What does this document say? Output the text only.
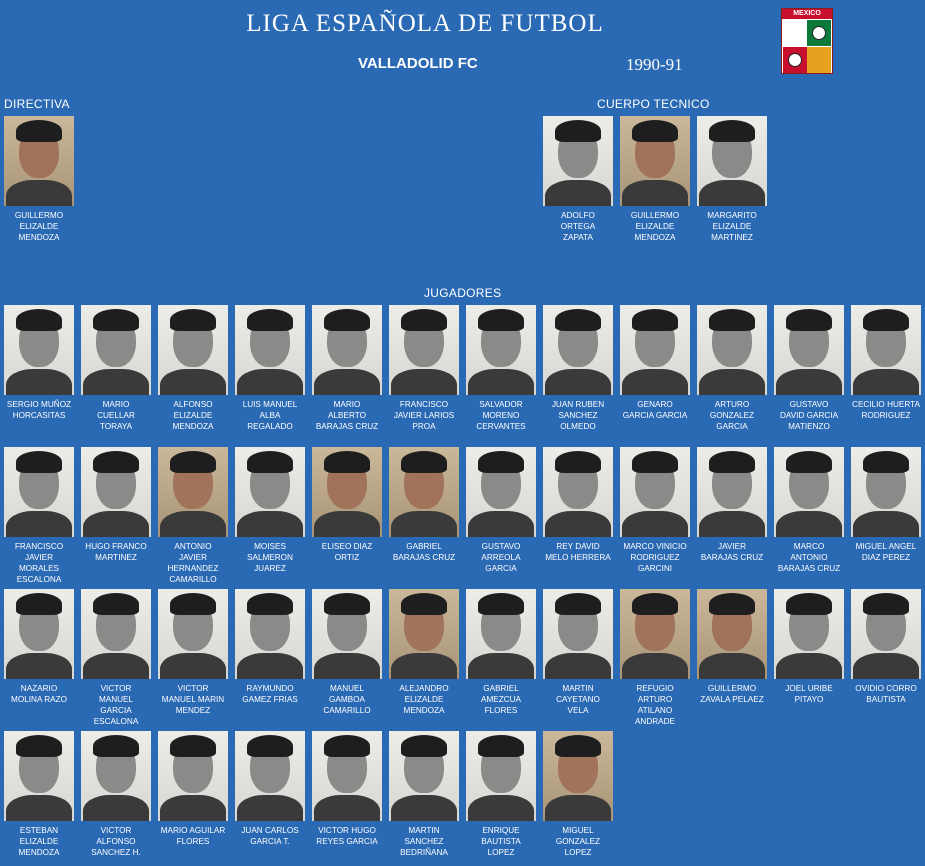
LIGA ESPAÑOLA DE FUTBOL
VALLADOLID FC	1990-91
MEXICO
DIRECTIVA	CUERPO TECNICO
JUGADORES
GUILLERMO
ELIZALDE
MENDOZA
ADOLFO
ORTEGA
ZAPATA
GUILLERMO
ELIZALDE
MENDOZA
MARGARITO
ELIZALDE
MARTINEZ
SERGIO MUÑOZ
HORCASITAS
MARIO
CUELLAR
TORAYA
ALFONSO
ELIZALDE
MENDOZA
LUIS MANUEL
ALBA
REGALADO
MARIO
ALBERTO
BARAJAS CRUZ
FRANCISCO
JAVIER LARIOS
PROA
SALVADOR
MORENO
CERVANTES
JUAN RUBEN
SANCHEZ
OLMEDO
GENARO
GARCIA GARCIA
ARTURO
GONZALEZ
GARCIA
GUSTAVO
DAVID GARCIA
MATIENZO
CECILIO HUERTA
RODRIGUEZ
FRANCISCO
JAVIER
MORALES
ESCALONA
HUGO FRANCO
MARTINEZ
ANTONIO
JAVIER
HERNANDEZ
CAMARILLO
MOISES
SALMERON
JUAREZ
ELISEO DIAZ
ORTIZ
GABRIEL
BARAJAS CRUZ
GUSTAVO
ARREOLA
GARCIA
REY DAVID
MELO HERRERA
MARCO VINICIO
RODRIGUEZ
GARCINI
JAVIER
BARAJAS CRUZ
MARCO
ANTONIO
BARAJAS CRUZ
MIGUEL ANGEL
DIAZ PEREZ
NAZARIO
MOLINA RAZO
VICTOR
MANUEL
GARCIA
ESCALONA
VICTOR
MANUEL MARIN
MENDEZ
RAYMUNDO
GAMEZ FRIAS
MANUEL
GAMBOA
CAMARILLO
ALEJANDRO
ELIZALDE
MENDOZA
GABRIEL
AMEZCUA
FLORES
MARTIN
CAYETANO
VELA
REFUGIO
ARTURO
ATILANO
ANDRADE
GUILLERMO
ZAVALA PELAEZ
JOEL URIBE
PITAYO
OVIDIO CORRO
BAUTISTA
ESTEBAN
ELIZALDE
MENDOZA
VICTOR
ALFONSO
SANCHEZ H.
MARIO AGUILAR
FLORES
JUAN CARLOS
GARCIA T.
VICTOR HUGO
REYES GARCIA
MARTIN
SANCHEZ
BEDRIÑANA
ENRIQUE
BAUTISTA
LOPEZ
MIGUEL
GONZALEZ
LOPEZ
